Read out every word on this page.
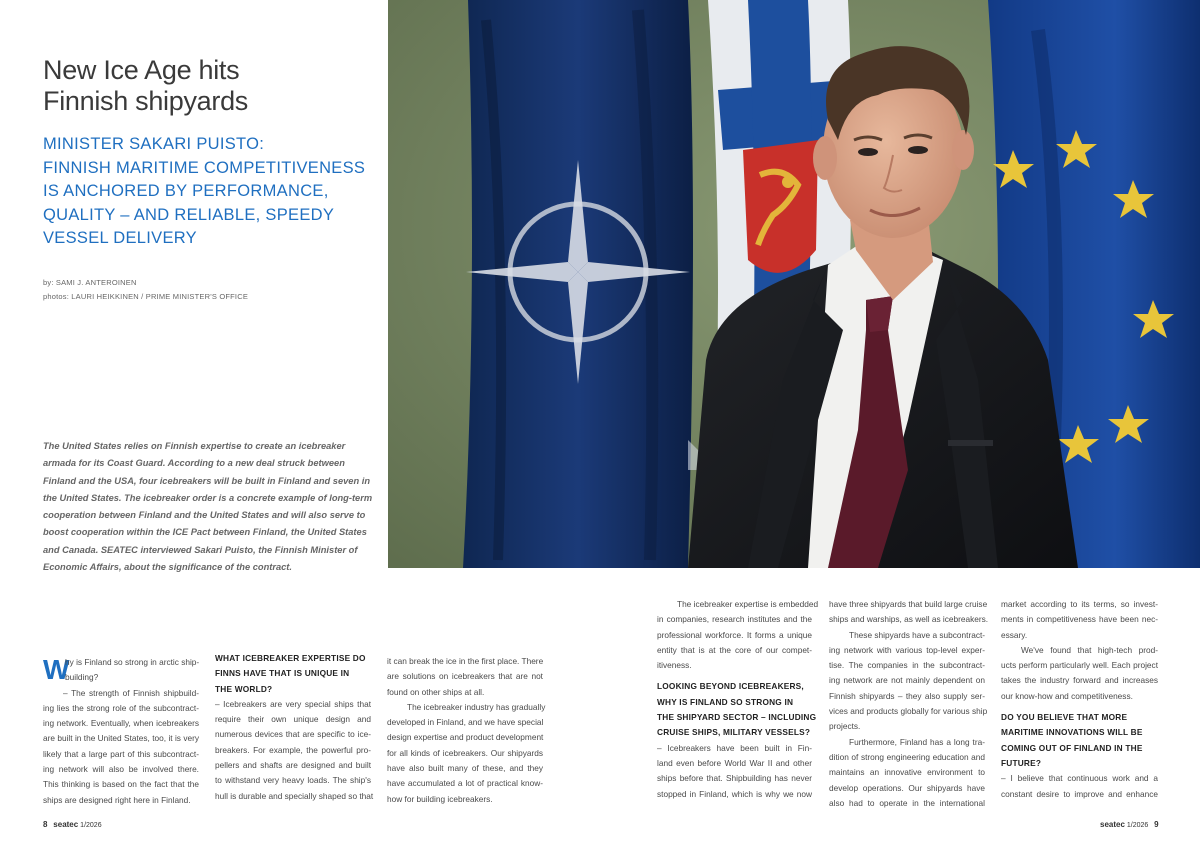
New Ice Age hits
Finnish shipyards
MINISTER SAKARI PUISTO:
FINNISH MARITIME COMPETITIVENESS
IS ANCHORED BY PERFORMANCE,
QUALITY – AND RELIABLE, SPEEDY
VESSEL DELIVERY
by: SAMI J. ANTEROINEN
photos: LAURI HEIKKINEN / PRIME MINISTER'S OFFICE
The United States relies on Finnish expertise to create an icebreaker
armada for its Coast Guard. According to a new deal struck between
Finland and the USA, four icebreakers will be built in Finland and seven in
the United States. The icebreaker order is a concrete example of long-term
cooperation between Finland and the United States and will also serve to
boost cooperation within the ICE Pact between Finland, the United States
and Canada. SEATEC interviewed Sakari Puisto, the Finnish Minister of
Economic Affairs, about the significance of the contract.
W
hy is Finland so strong in arctic ship-
building?
– The strength of Finnish shipbuild-
ing lies the strong role of the subcontract-
ing network. Eventually, when icebreakers
are built in the United States, too, it is very
likely that a large part of this subcontract-
ing network will also be involved there.
This thinking is based on the fact that the
ships are designed right here in Finland.
WHAT ICEBREAKER EXPERTISE DO
FINNS HAVE THAT IS UNIQUE IN
THE WORLD?
– Icebreakers are very special ships that
require their own unique design and
numerous devices that are specific to ice-
breakers. For example, the powerful pro-
pellers and shafts are designed and built
to withstand very heavy loads. The ship's
hull is durable and specially shaped so that
it can break the ice in the first place. There
are solutions on icebreakers that are not
found on other ships at all.
The icebreaker industry has gradually
developed in Finland, and we have special
design expertise and product development
for all kinds of icebreakers. Our shipyards
have also built many of these, and they
have accumulated a lot of practical know-
how for building icebreakers.
The icebreaker expertise is embedded
in companies, research institutes and the
professional workforce. It forms a unique
entity that is at the core of our compet-
itiveness.
LOOKING BEYOND ICEBREAKERS,
WHY IS FINLAND SO STRONG IN
THE SHIPYARD SECTOR – INCLUDING
CRUISE SHIPS, MILITARY VESSELS?
– Icebreakers have been built in Fin-
land even before World War II and other
ships before that. Shipbuilding has never
stopped in Finland, which is why we now
have three shipyards that build large cruise
ships and warships, as well as icebreakers.
These shipyards have a subcontract-
ing network with various top-level exper-
tise. The companies in the subcontract-
ing network are not mainly dependent on
Finnish shipyards – they also supply ser-
vices and products globally for various ship
projects.
Furthermore, Finland has a long tra-
dition of strong engineering education and
maintains an innovative environment to
develop operations. Our shipyards have
also had to operate in the international
market according to its terms, so invest-
ments in competitiveness have been nec-
essary.
We've found that high-tech prod-
ucts perform particularly well. Each project
takes the industry forward and increases
our know-how and competitiveness.
DO YOU BELIEVE THAT MORE
MARITIME INNOVATIONS WILL BE
COMING OUT OF FINLAND IN THE
FUTURE?
– I believe that continuous work and a
constant desire to improve and enhance
8 seatec 1/2026	seatec 1/2026 9
